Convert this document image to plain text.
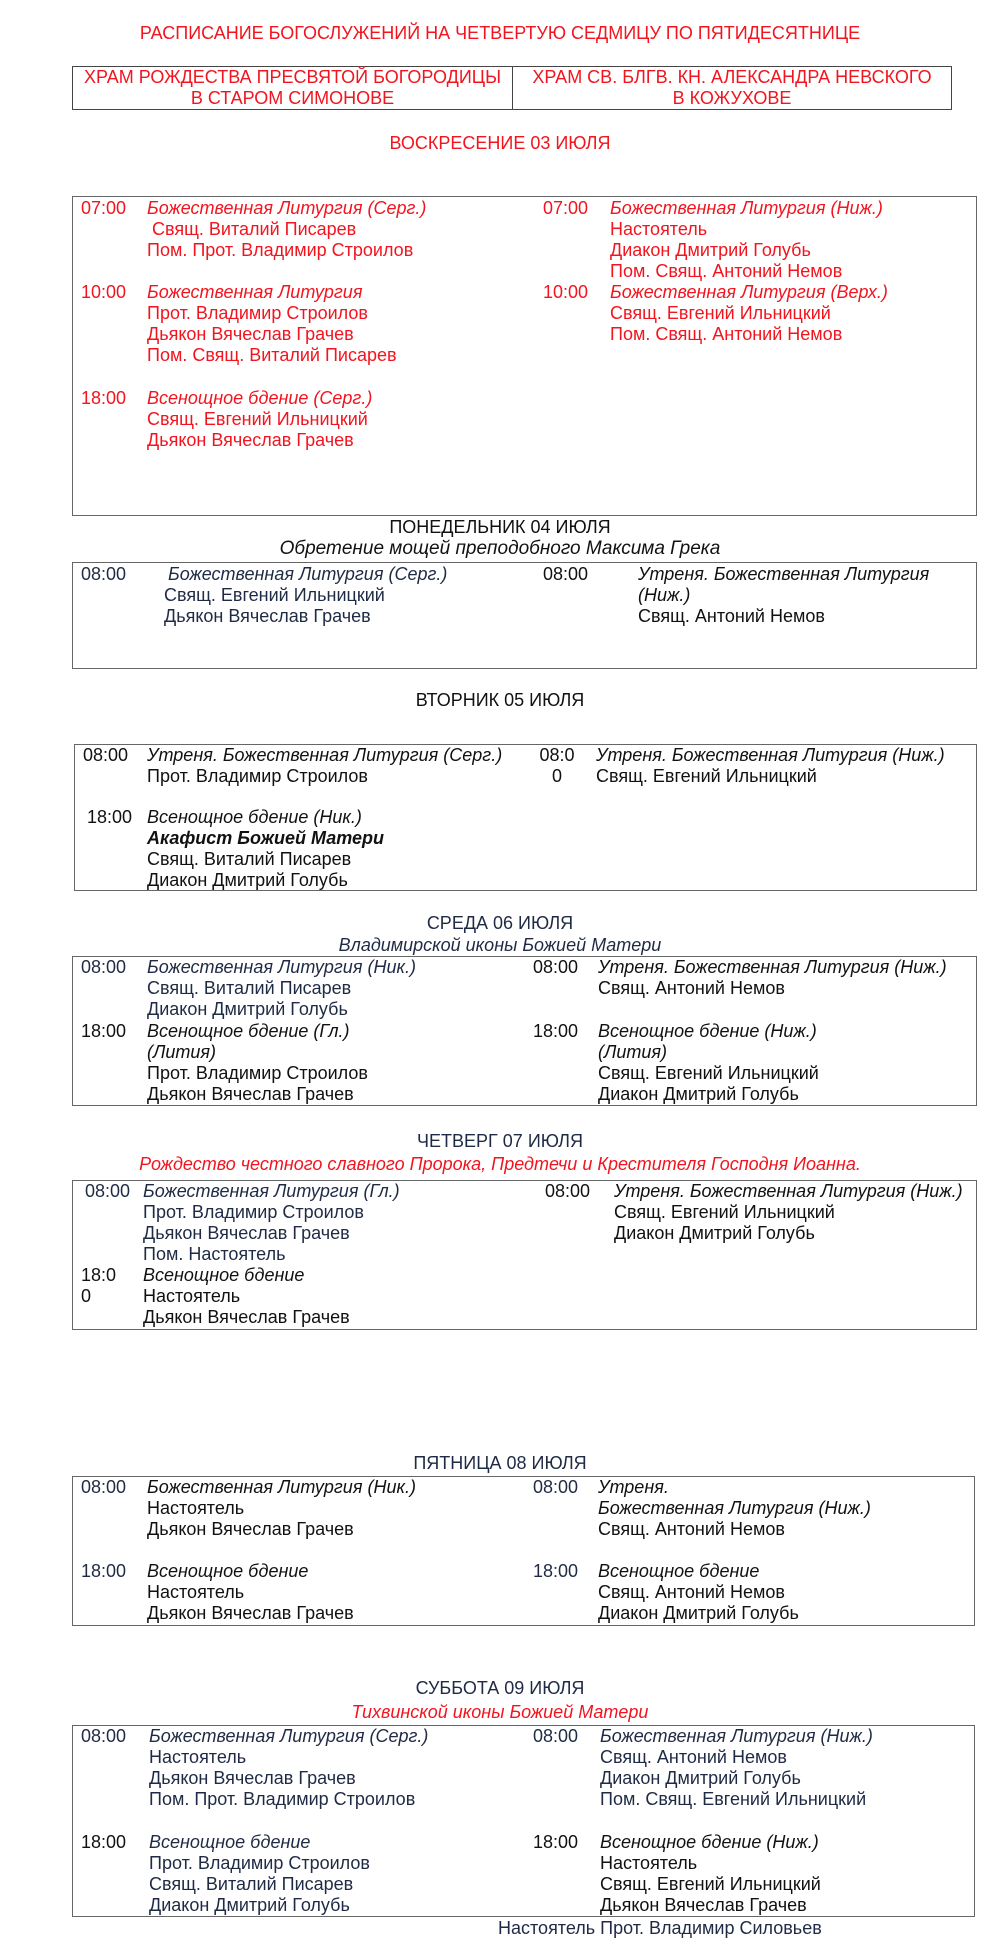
РАСПИСАНИЕ БОГОСЛУЖЕНИЙ НА ЧЕТВЕРТУЮ СЕДМИЦУ ПО ПЯТИДЕСЯТНИЦЕ
ХРАМ РОЖДЕСТВА ПРЕСВЯТОЙ БОГОРОДИЦЫ
В СТАРОМ СИМОНОВЕ
ХРАМ СВ. БЛГВ. КН. АЛЕКСАНДРА НЕВСКОГО
В КОЖУХОВЕ
ВОСКРЕСЕНИЕ 03 ИЮЛЯ
07:00 Божественная Литургия (Серг.)
Свящ. Виталий Писарев
Пом. Прот. Владимир Строилов
10:00 Божественная Литургия
Прот. Владимир Строилов
Дьякон Вячеслав Грачев
Пом. Свящ. Виталий Писарев
18:00 Всенощное бдение (Серг.)
Свящ. Евгений Ильницкий
Дьякон Вячеслав Грачев
07:00 Божественная Литургия (Ниж.)
Настоятель
Диакон Дмитрий Голубь
Пом. Свящ. Антоний Немов
10:00 Божественная Литургия (Верх.)
Свящ. Евгений Ильницкий
Пом. Свящ. Антоний Немов
ПОНЕДЕЛЬНИК 04 ИЮЛЯ
Обретение мощей преподобного Максима Грека
08:00 Божественная Литургия (Серг.)
Свящ. Евгений Ильницкий
Дьякон Вячеслав Грачев
08:00	Утреня. Божественная Литургия
(Ниж.)
Свящ. Антоний Немов
ВТОРНИК 05 ИЮЛЯ
08:00 Утреня. Божественная Литургия (Серг.)
Прот. Владимир Строилов
18:00 Всенощное бдение (Ник.)
Акафист Божией Матери
Свящ. Виталий Писарев
Диакон Дмитрий Голубь
08:0
0
Утреня. Божественная Литургия (Ниж.)
Свящ. Евгений Ильницкий
СРЕДА 06 ИЮЛЯ
Владимирской иконы Божией Матери
08:00 Божественная Литургия (Ник.)
Свящ. Виталий Писарев
Диакон Дмитрий Голубь
18:00 Всенощное бдение (Гл.)
(Лития)
Прот. Владимир Строилов
Дьякон Вячеслав Грачев
08:00 Утреня. Божественная Литургия (Ниж.)
Свящ. Антоний Немов
18:00 Всенощное бдение (Ниж.)
(Лития)
Свящ. Евгений Ильницкий
Диакон Дмитрий Голубь
ЧЕТВЕРГ 07 ИЮЛЯ
Рождество честного славного Пророка, Предтечи и Крестителя Господня Иоанна.
08:00 Божественная Литургия (Гл.)
Прот. Владимир Строилов
Дьякон Вячеслав Грачев
Пом. Настоятель
18:0
0
Всенощное бдение
Настоятель
Дьякон Вячеслав Грачев
08:00 Утреня. Божественная Литургия (Ниж.)
Свящ. Евгений Ильницкий
Диакон Дмитрий Голубь
ПЯТНИЦА 08 ИЮЛЯ
08:00 Божественная Литургия (Ник.)
Настоятель
Дьякон Вячеслав Грачев
18:00 Всенощное бдение
Настоятель
Дьякон Вячеслав Грачев
08:00 Утреня.
Божественная Литургия (Ниж.)
Свящ. Антоний Немов
18:00 Всенощное бдение
Свящ. Антоний Немов
Диакон Дмитрий Голубь
СУББОТА 09 ИЮЛЯ
Тихвинской иконы Божией Матери
08:00 Божественная Литургия (Серг.)
Настоятель
Дьякон Вячеслав Грачев
Пом. Прот. Владимир Строилов
18:00 Всенощное бдение
Прот. Владимир Строилов
Свящ. Виталий Писарев
Диакон Дмитрий Голубь
08:00 Божественная Литургия (Ниж.)
Свящ. Антоний Немов
Диакон Дмитрий Голубь
Пом. Свящ. Евгений Ильницкий
18:00 Всенощное бдение (Ниж.)
Настоятель
Свящ. Евгений Ильницкий
Дьякон Вячеслав Грачев
Настоятель Прот. Владимир Силовьев
